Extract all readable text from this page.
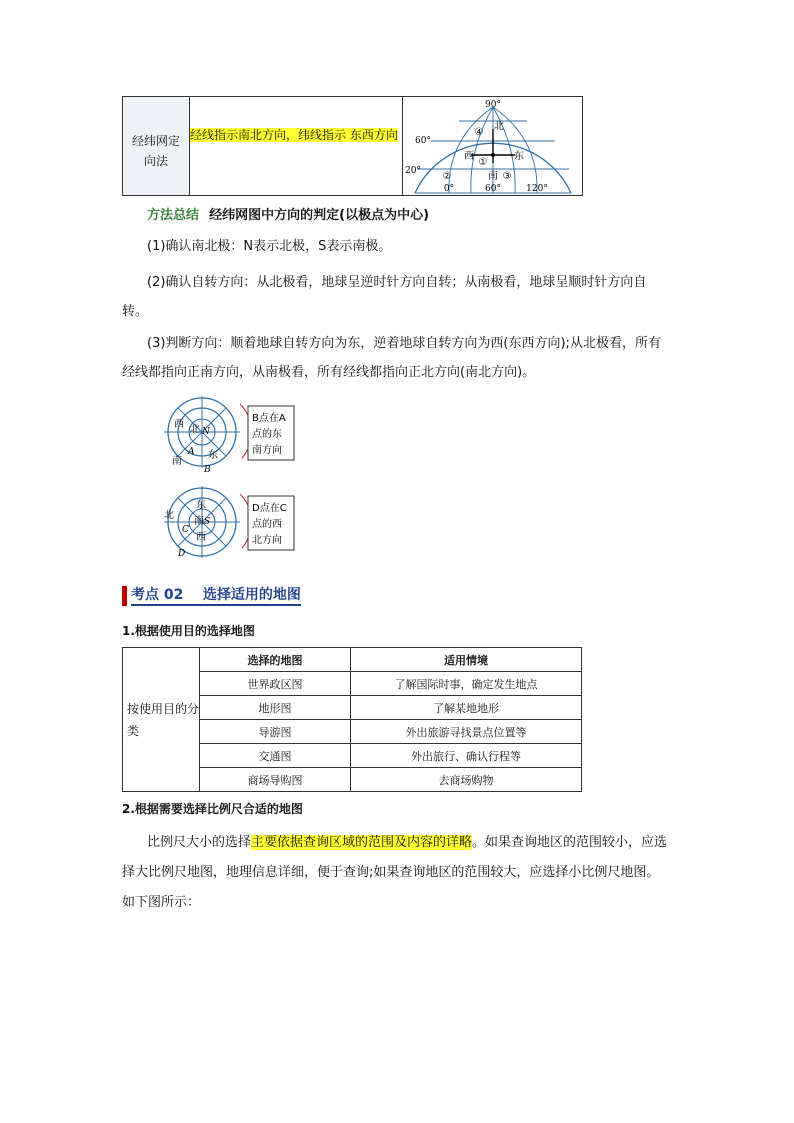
经纬网定向法

经线指示南北方向，纬线指示 东西方向

90°
60°
20°
0°	60°	120°
北
南
东
西
①
②	③
④
方法总结 经纬网图中方向的判定(以极点为中心)
(1)确认南北极：N表示北极，S表示南极。
(2)确认自转方向：从北极看，地球呈逆时针方向自转；从南极看，地球呈顺时针方向自转。
(3)判断方向：顺着地球自转方向为东，逆着地球自转方向为西(东西方向);从北极看，所有经线都指向正南方向，从南极看，所有经线都指向正北方向(南北方向)。
西 北 N
南
东
A
B
B点在A
点的东
南方向
东
北
S
南
西
C
D
D点在C
点的西
北方向
考点 02    选择适用的地图
1.根据使用目的选择地图
按使用目的分类	选择的地图	适用情境
	世界政区图	了解国际时事，确定发生地点
	地形图	了解某地地形
	导游图	外出旅游寻找景点位置等
	交通图	外出旅行、确认行程等
	商场导购图	去商场购物
2.根据需要选择比例尺合适的地图
比例尺大小的选择主要依据查询区域的范围及内容的详略。如果查询地区的范围较小，应选择大比例尺地图，地理信息详细，便于查询;如果查询地区的范围较大，应选择小比例尺地图。如下图所示：
